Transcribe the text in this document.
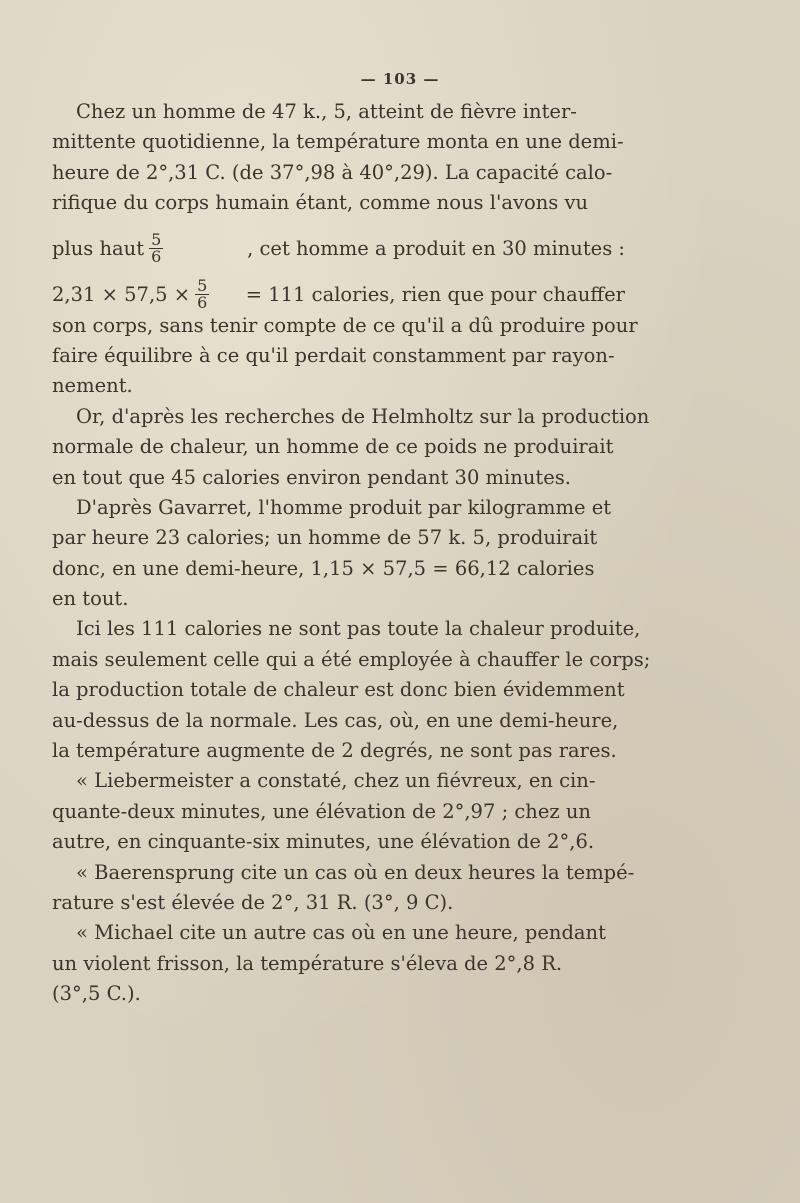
— 103 —
Chez un homme de 47 k., 5, atteint de fièvre inter-
mittente quotidienne, la température monta en une demi-
heure de 2°,31 C. (de 37°,98 à 40°,29). La capacité calo-
rifique du corps humain étant, comme nous l'avons vu
plus haut $\frac{5}{6}$	, cet homme a produit en 30 minutes :
$2,31 \times 57,5 \times \frac{5}{6} = 111$ calories, rien que pour chauffer
son corps, sans tenir compte de ce qu'il a dû produire pour
faire équilibre à ce qu'il perdait constamment par rayon-
nement.
Or, d'après les recherches de Helmholtz sur la production
normale de chaleur, un homme de ce poids ne produirait
en tout que 45 calories environ pendant 30 minutes.
D'après Gavarret, l'homme produit par kilogramme et
par heure 23 calories; un homme de 57 k. 5, produirait
donc, en une demi-heure, 1,15 × 57,5 = 66,12 calories
en tout.
Ici les 111 calories ne sont pas toute la chaleur produite,
mais seulement celle qui a été employée à chauffer le corps;
la production totale de chaleur est donc bien évidemment
au-dessus de la normale. Les cas, où, en une demi-heure,
la température augmente de 2 degrés, ne sont pas rares.
« Liebermeister a constaté, chez un fiévreux, en cin-
quante-deux minutes, une élévation de 2°,97 ; chez un
autre, en cinquante-six minutes, une élévation de 2°,6.
« Baerensprung cite un cas où en deux heures la tempé-
rature s'est élevée de 2°, 31 R. (3°, 9 C).
« Michael cite un autre cas où en une heure, pendant
un violent frisson, la température s'éleva de 2°,8 R.
(3°,5 C.).
